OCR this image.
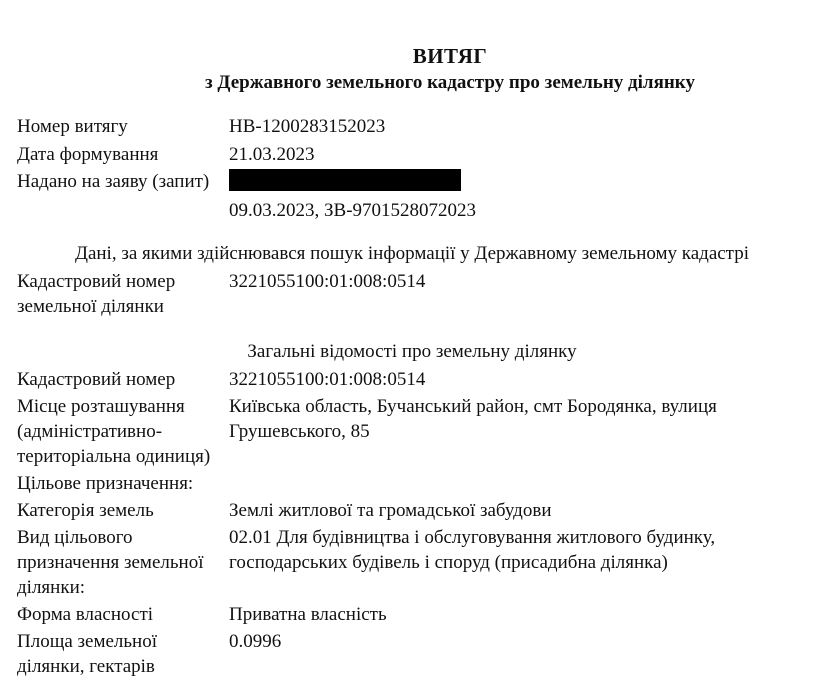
ВИТЯГ
з Державного земельного кадастру про земельну ділянку
Номер витягу	НВ-1200283152023
Дата формування	21.03.2023
Надано на заяву (запит)
09.03.2023, ЗВ-9701528072023
Дані, за якими здійснювався пошук інформації у Державному земельному кадастрі
Кадастровий номер	3221055100:01:008:0514
земельної ділянки
Загальні відомості про земельну ділянку
Кадастровий номер	3221055100:01:008:0514
Місце розташування	Київська область, Бучанський район, смт Бородянка, вулиця
(адміністративно-	Грушевського, 85
територіальна одиниця)
Цільове призначення:
Категорія земель	Землі житлової та громадської забудови
Вид цільового	02.01 Для будівництва і обслуговування житлового будинку,
призначення земельної	господарських будівель і споруд (присадибна ділянка)
ділянки:
Форма власності	Приватна власність
Площа земельної	0.0996
ділянки, гектарів
